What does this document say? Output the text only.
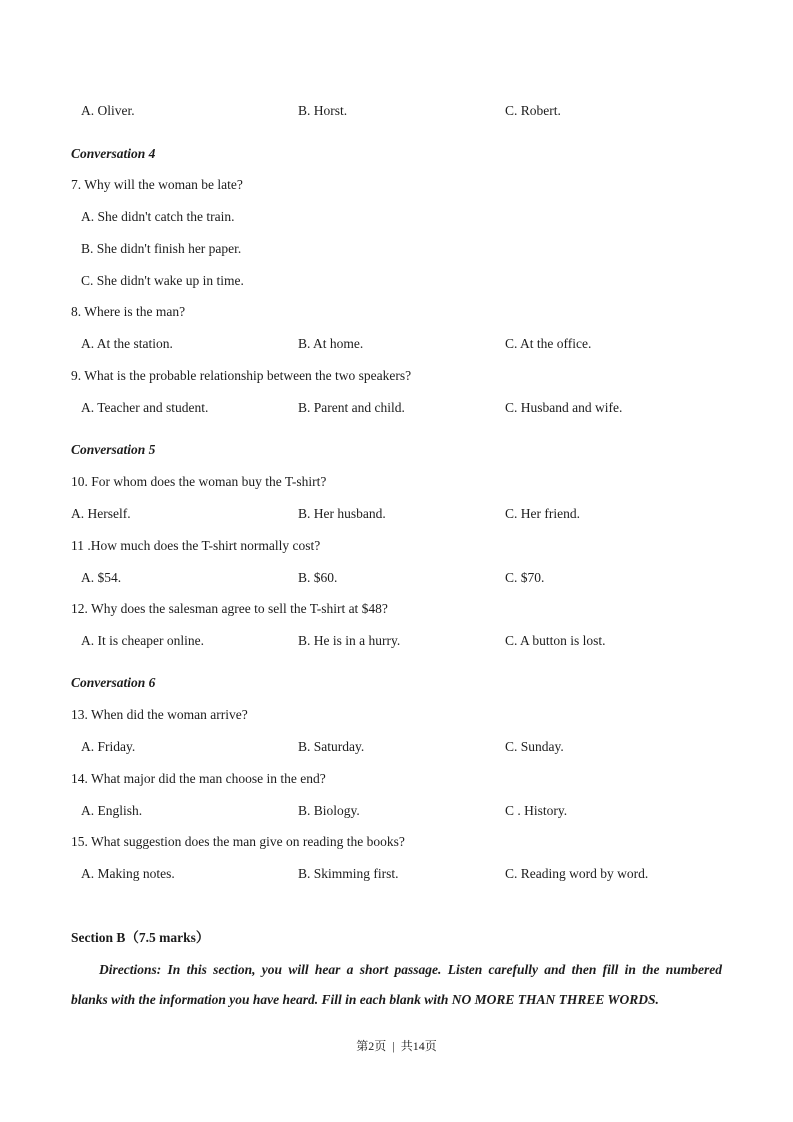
A. Oliver.	B. Horst.	C. Robert.
Conversation 4
7. Why will the woman be late?
A. She didn't catch the train.
B. She didn't finish her paper.
C. She didn't wake up in time.
8. Where is the man?
A. At the station.	B. At home.	C. At the office.
9. What is the probable relationship between the two speakers?
A. Teacher and student.	B. Parent and child.	C. Husband and wife.
Conversation 5
10. For whom does the woman buy the T-shirt?
A. Herself.	B. Her husband.	C. Her friend.
11 .How much does the T-shirt normally cost?
A. $54.	B. $60.	C. $70.
12. Why does the salesman agree to sell the T-shirt at $48?
A. It is cheaper online.	B. He is in a hurry.	C. A button is lost.
Conversation 6
13. When did the woman arrive?
A. Friday.	B. Saturday.	C. Sunday.
14. What major did the man choose in the end?
A. English.	B. Biology.	C . History.
15. What suggestion does the man give on reading the books?
A. Making notes.	B. Skimming first.	C. Reading word by word.
Section B（7.5 marks）
Directions: In this section, you will hear a short passage. Listen carefully and then fill in the numbered
blanks with the information you have heard. Fill in each blank with NO MORE THAN THREE WORDS.
第2页 | 共14页
